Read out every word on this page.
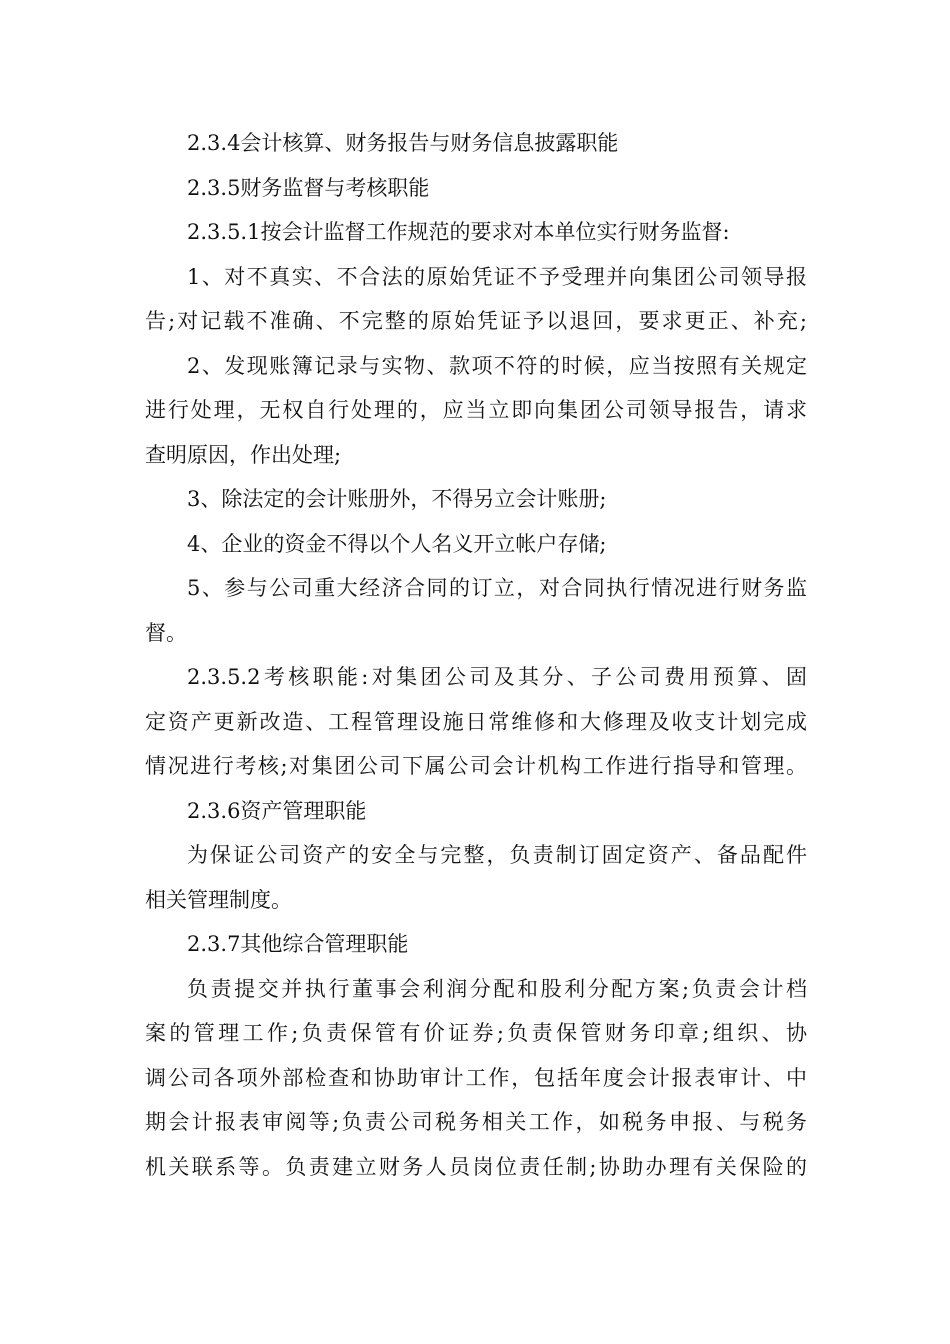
2.3.4会计核算、财务报告与财务信息披露职能
2.3.5财务监督与考核职能
2.3.5.1按会计监督工作规范的要求对本单位实行财务监督:
1、对不真实、不合法的原始凭证不予受理并向集团公司领导报
告;对记载不准确、不完整的原始凭证予以退回，要求更正、补充;
2、发现账簿记录与实物、款项不符的时候，应当按照有关规定
进行处理，无权自行处理的，应当立即向集团公司领导报告，请求
查明原因，作出处理;
3、除法定的会计账册外，不得另立会计账册;
4、企业的资金不得以个人名义开立帐户存储;
5、参与公司重大经济合同的订立，对合同执行情况进行财务监
督。
2.3.5.2考核职能:对集团公司及其分、子公司费用预算、固
定资产更新改造、工程管理设施日常维修和大修理及收支计划完成
情况进行考核;对集团公司下属公司会计机构工作进行指导和管理。
2.3.6资产管理职能
为保证公司资产的安全与完整，负责制订固定资产、备品配件
相关管理制度。
2.3.7其他综合管理职能
负责提交并执行董事会利润分配和股利分配方案;负责会计档
案的管理工作;负责保管有价证券;负责保管财务印章;组织、协
调公司各项外部检查和协助审计工作，包括年度会计报表审计、中
期会计报表审阅等;负责公司税务相关工作，如税务申报、与税务
机关联系等。负责建立财务人员岗位责任制;协助办理有关保险的
